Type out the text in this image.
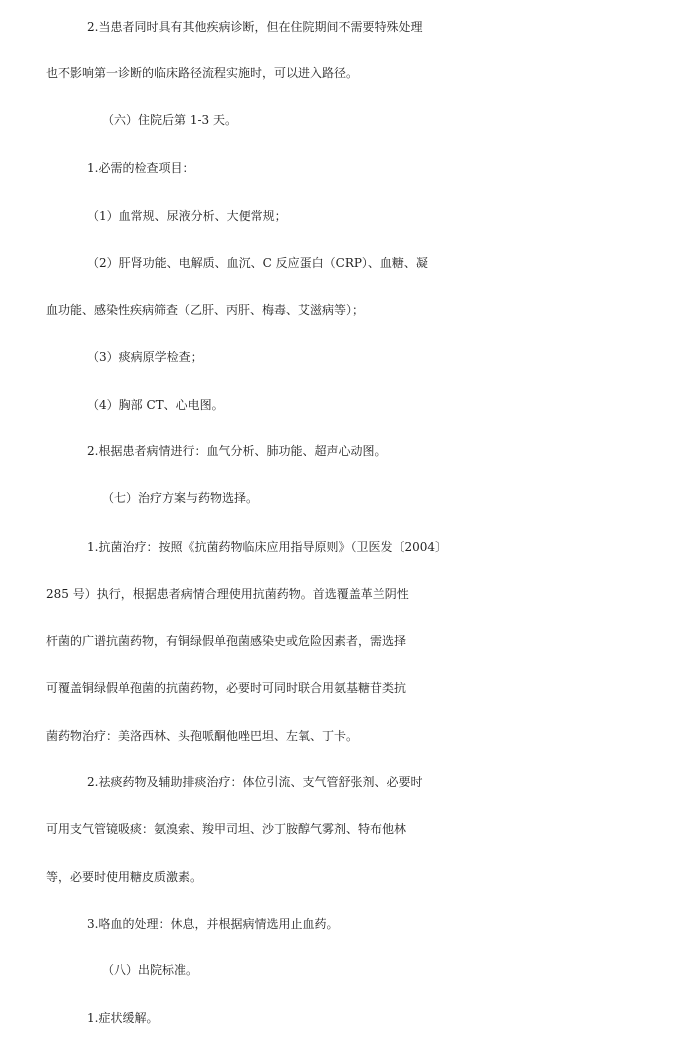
2.当患者同时具有其他疾病诊断，但在住院期间不需要特殊处理
也不影响第一诊断的临床路径流程实施时，可以进入路径。
（六）住院后第 1-3 天。
1.必需的检查项目：
（1）血常规、尿液分析、大便常规；
（2）肝肾功能、电解质、血沉、C 反应蛋白（CRP）、血糖、凝
血功能、感染性疾病筛查（乙肝、丙肝、梅毒、艾滋病等）；
（3）痰病原学检查；
（4）胸部 CT、心电图。
2.根据患者病情进行：血气分析、肺功能、超声心动图。
（七）治疗方案与药物选择。
1.抗菌治疗：按照《抗菌药物临床应用指导原则》（卫医发〔2004〕
285 号）执行，根据患者病情合理使用抗菌药物。首选覆盖革兰阴性
杆菌的广谱抗菌药物，有铜绿假单孢菌感染史或危险因素者，需选择
可覆盖铜绿假单孢菌的抗菌药物，必要时可同时联合用氨基糖苷类抗
菌药物治疗：美洛西林、头孢哌酮他唑巴坦、左氧、丁卡。
2.祛痰药物及辅助排痰治疗：体位引流、支气管舒张剂、必要时
可用支气管镜吸痰：氨溴索、羧甲司坦、沙丁胺醇气雾剂、特布他林
等，必要时使用糖皮质激素。
3.咯血的处理：休息，并根据病情选用止血药。
（八）出院标准。
1.症状缓解。
